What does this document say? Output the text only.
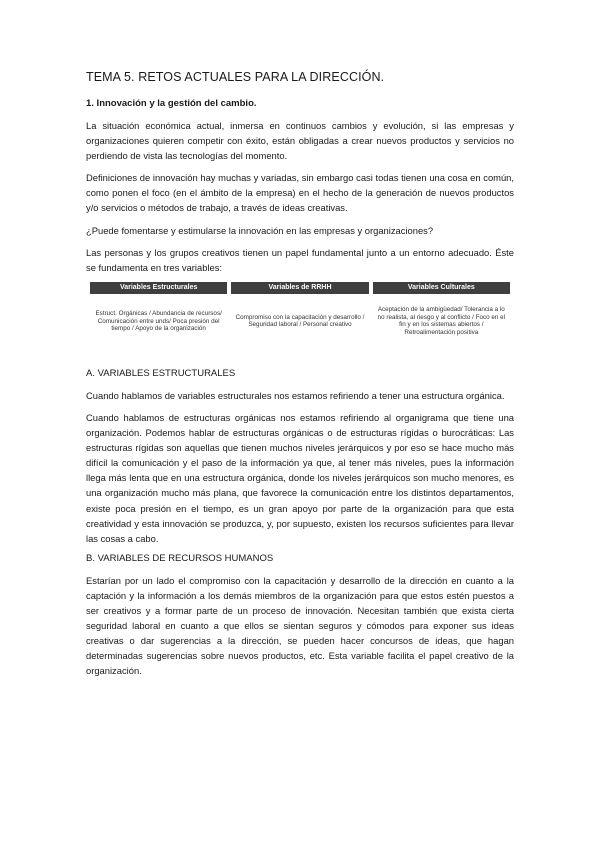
TEMA 5. RETOS ACTUALES PARA LA DIRECCIÓN.
1. Innovación y la gestión del cambio.

La situación económica actual, inmersa en continuos cambios y evolución, si las empresas y organizaciones quieren competir con éxito, están obligadas a crear nuevos productos y servicios no perdiendo de vista las tecnologías del momento.

Definiciones de innovación hay muchas y variadas, sin embargo casi todas tienen una cosa en común, como ponen el foco (en el ámbito de la empresa) en el hecho de la generación de nuevos productos y/o servicios o métodos de trabajo, a través de ideas creativas.

¿Puede fomentarse y estimularse la innovación en las empresas y organizaciones?

Las personas y los grupos creativos tienen un papel fundamental junto a un entorno adecuado. Éste se fundamenta en tres variables:

Variables Estructurales
Estruct. Orgánicas / Abundancia de recursos/ Comunicación entre unds/ Poca presión del tiempo / Apoyo de la organización
Variables de RRHH
Compromiso con la capacitación y desarrollo / Seguridad laboral / Personal creativo
Variables Culturales
Aceptación de la ambigüedad/ Tolerancia a lo no realista, al riesgo y al conflicto / Foco en el fin y en los sistemas abiertos / Retroalimentación positiva
A. VARIABLES ESTRUCTURALES

Cuando hablamos de variables estructurales nos estamos refiriendo a tener una estructura orgánica.

Cuando hablamos de estructuras orgánicas nos estamos refiriendo al organigrama que tiene una organización. Podemos hablar de estructuras orgánicas o de estructuras rígidas o burocráticas: Las estructuras rígidas son aquellas que tienen muchos niveles jerárquicos y por eso se hace mucho más difícil la comunicación y el paso de la información ya que, al tener más niveles, pues la información llega más lenta que en una estructura orgánica, donde los niveles jerárquicos son mucho menores, es una organización mucho más plana, que favorece la comunicación entre los distintos departamentos, existe poca presión en el tiempo, es un gran apoyo por parte de la organización para que esta creatividad y esta innovación se produzca, y, por supuesto, existen los recursos suficientes para llevar las cosas a cabo.

B. VARIABLES DE RECURSOS HUMANOS

Estarían por un lado el compromiso con la capacitación y desarrollo de la dirección en cuanto a la captación y la información a los demás miembros de la organización para que estos estén puestos a ser creativos y a formar parte de un proceso de innovación. Necesitan también que exista cierta seguridad laboral en cuanto a que ellos se sientan seguros y cómodos para exponer sus ideas creativas o dar sugerencias a la dirección, se pueden hacer concursos de ideas, que hagan determinadas sugerencias sobre nuevos productos, etc. Esta variable facilita el papel creativo de la organización.
